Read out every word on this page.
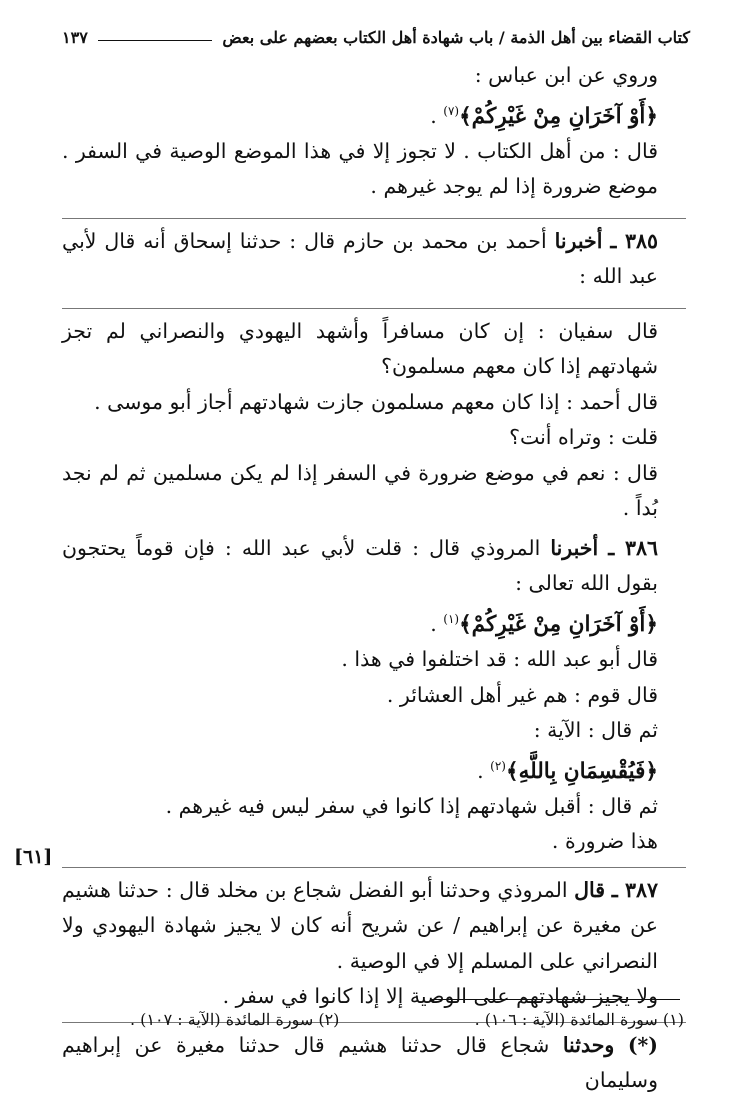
كتاب القضاء بين أهل الذمة / باب شهادة أهل الكتاب بعضهم على بعض
١٣٧

وروي عن ابن عباس :

﴿أَوْ آخَرَانِ مِنْ غَيْرِكُمْ﴾$^{(٧)}$ .

قال : من أهل الكتاب . لا تجوز إلا في هذا الموضع الوصية في السفر . موضع ضرورة إذا لم يوجد غيرهم .

٣٨٥ ـ أخبرنا أحمد بن محمد بن حازم قال : حدثنا إسحاق أنه قال لأبي عبد الله :

قال سفيان : إن كان مسافراً وأشهد اليهودي والنصراني لم تجز شهادتهم إذا كان معهم مسلمون؟

قال أحمد : إذا كان معهم مسلمون جازت شهادتهم أجاز أبو موسى .

قلت : وتراه أنت؟

قال : نعم في موضع ضرورة في السفر إذا لم يكن مسلمين ثم لم نجد بُداً .

٣٨٦ ـ أخبرنا المروذي قال : قلت لأبي عبد الله : فإن قوماً يحتجون بقول الله تعالى :

﴿أَوْ آخَرَانِ مِنْ غَيْرِكُمْ﴾$^{(١)}$ .

قال أبو عبد الله : قد اختلفوا في هذا .

قال قوم : هم غير أهل العشائر .

ثم قال : الآية :

﴿فَيُقْسِمَانِ بِاللَّهِ﴾$^{(٢)}$ .

ثم قال : أقبل شهادتهم إذا كانوا في سفر ليس فيه غيرهم .

هذا ضرورة .

٣٨٧ ـ قال المروذي وحدثنا أبو الفضل شجاع بن مخلد قال : حدثنا هشيم عن مغيرة عن إبراهيم / عن شريح أنه كان لا يجيز شهادة اليهودي ولا النصراني على المسلم إلا في الوصية .

ولا يجيز شهادتهم على الوصية إلا إذا كانوا في سفر .

(*) وحدثنا شجاع قال حدثنا هشيم قال حدثنا مغيرة عن إبراهيم وسليمان

[٦١]
(١) سورة المائدة (الآية : ١٠٦) .
(٢) سورة المائدة (الآية : ١٠٧) .
